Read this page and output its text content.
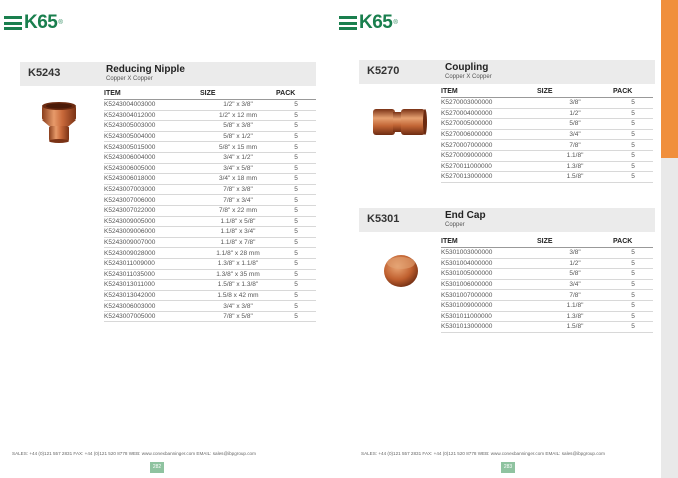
K65 ®
K5243	Reducing Nipple
Copper X Copper
ITEM	SIZE	PACK
K5243004003000	1/2" x 3/8"	5
K5243004012000	1/2" x 12 mm	5
K5243005003000	5/8" x 3/8"	5
K5243005004000	5/8" x 1/2"	5
K5243005015000	5/8" x 15 mm	5
K5243006004000	3/4" x 1/2"	5
K5243006005000	3/4" x 5/8"	5
K5243006018000	3/4" x 18 mm	5
K5243007003000	7/8" x 3/8"	5
K5243007006000	7/8" x 3/4"	5
K5243007022000	7/8" x 22 mm	5
K5243009005000	1.1/8" x 5/8"	5
K5243009006000	1.1/8" x 3/4"	5
K5243009007000	1.1/8" x 7/8"	5
K5243009028000	1.1/8" x 28 mm	5
K5243011009000	1.3/8" x 1.1/8"	5
K5243011035000	1.3/8" x 35 mm	5
K5243013011000	1.5/8" x 1.3/8"	5
K5243013042000	1.5/8 x 42 mm	5
K5243006003000	3/4" x 3/8"	5
K5243007005000	7/8" x 5/8"	5
SALES: +44 (0)121 557 2831 FAX: +44 (0)121 520 8778 WEB: www.conexbanninger.com EMAIL: sales@ibpgroup.com
282
K65 ®
K5270	Coupling
Copper X Copper
ITEM	SIZE	PACK
K5270003000000	3/8"	5
K5270004000000	1/2"	5
K5270005000000	5/8"	5
K5270006000000	3/4"	5
K5270007000000	7/8"	5
K5270009000000	1.1/8"	5
K5270011000000	1.3/8"	5
K5270013000000	1.5/8"	5
K5301	End Cap
Copper
ITEM	SIZE	PACK
K5301003000000	3/8"	5
K5301004000000	1/2"	5
K5301005000000	5/8"	5
K5301006000000	3/4"	5
K5301007000000	7/8"	5
K5301009000000	1.1/8"	5
K5301011000000	1.3/8"	5
K5301013000000	1.5/8"	5
SALES: +44 (0)121 557 2831 FAX: +44 (0)121 520 8778 WEB: www.conexbanninger.com EMAIL: sales@ibpgroup.com
283
